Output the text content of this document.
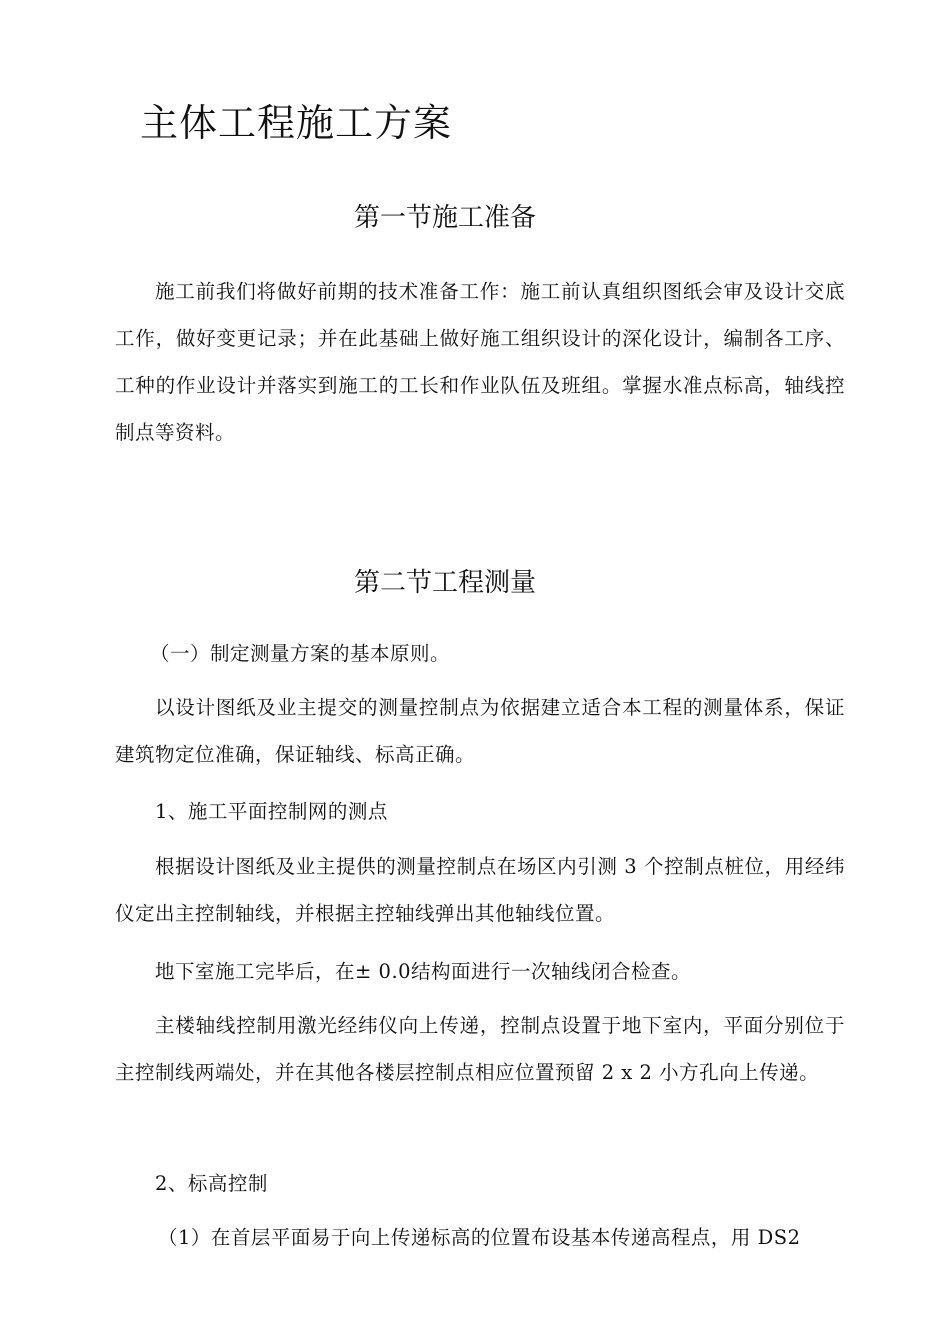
主体工程施工方案
第一节施工准备

施工前我们将做好前期的技术准备工作：施工前认真组织图纸会审及设计交底工作，做好变更记录；并在此基础上做好施工组织设计的深化设计，编制各工序、工种的作业设计并落实到施工的工长和作业队伍及班组。掌握水准点标高，轴线控制点等资料。

第二节工程测量

（一）制定测量方案的基本原则。

以设计图纸及业主提交的测量控制点为依据建立适合本工程的测量体系，保证建筑物定位准确，保证轴线、标高正确。

1、施工平面控制网的测点

根据设计图纸及业主提供的测量控制点在场区内引测 3 个控制点桩位，用经纬仪定出主控制轴线，并根据主控轴线弹出其他轴线位置。

地下室施工完毕后，在± 0.0结构面进行一次轴线闭合检查。

主楼轴线控制用激光经纬仪向上传递，控制点设置于地下室内，平面分别位于主控制线两端处，并在其他各楼层控制点相应位置预留 2 x 2 小方孔向上传递。

2、标高控制

（1）在首层平面易于向上传递标高的位置布设基本传递高程点，用 DS2
